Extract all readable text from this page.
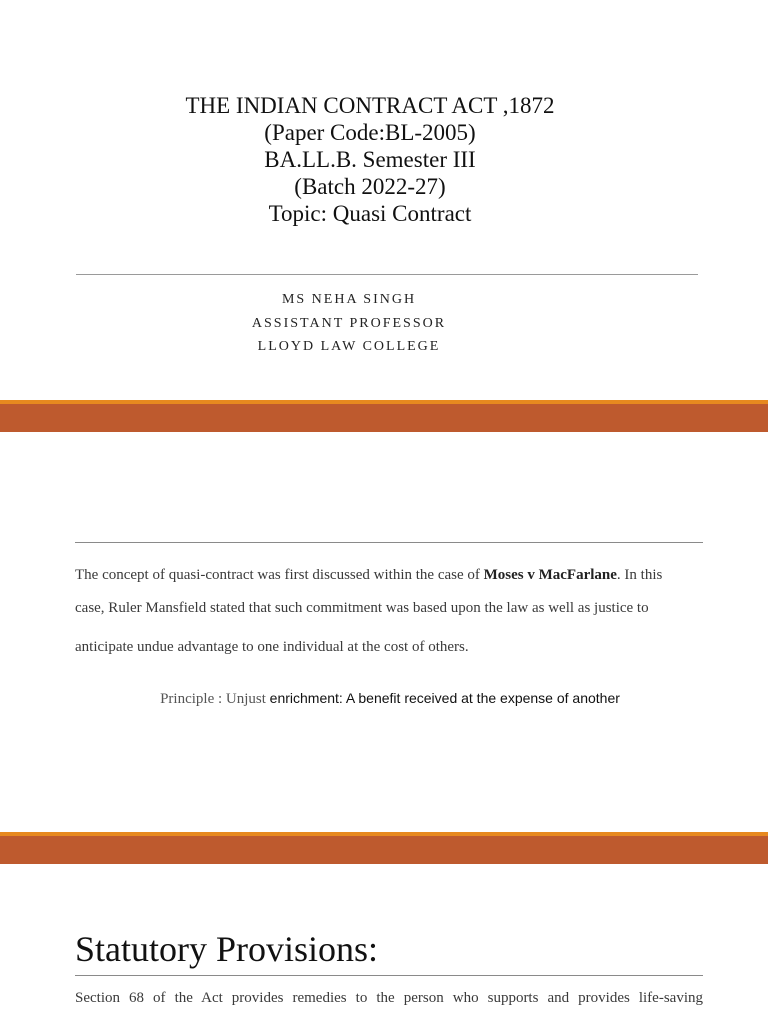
THE INDIAN CONTRACT ACT ,1872
(Paper Code:BL-2005)
BA.LL.B. Semester III
(Batch 2022-27)
Topic: Quasi Contract
MS NEHA SINGH
ASSISTANT PROFESSOR
LLOYD LAW COLLEGE
The concept of quasi-contract was first discussed within the case of Moses v MacFarlane. In this
case, Ruler Mansfield stated that such commitment was based upon the law as well as justice to
anticipate undue advantage to one individual at the cost of others.
Principle : Unjust enrichment: A benefit received at the expense of another
Statutory Provisions:
Section 68 of the Act provides remedies to the person who supports and provides life-saving
